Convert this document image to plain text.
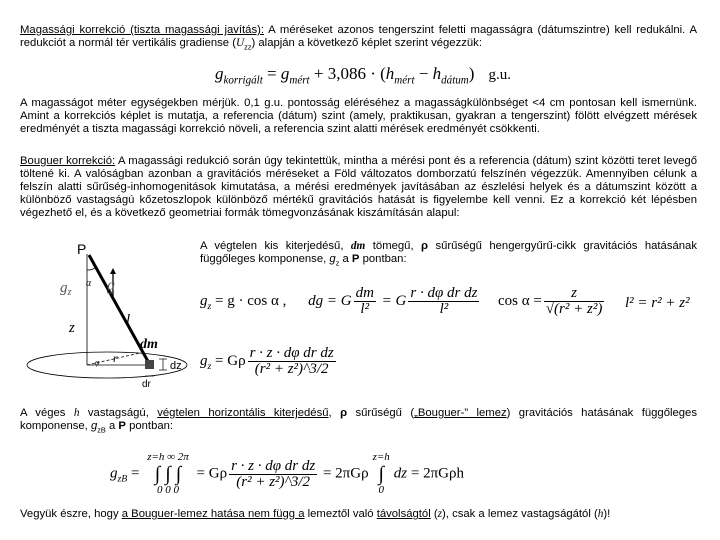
Magassági korrekció (tiszta magassági javítás): A méréseket azonos tengerszint feletti magasságra (dátumszintre) kell redukálni. A redukciót a normál tér vertikális gradiense $(U_{zz})$ alapján a következő képlet szerint végezzük:

$g_{korrigált} = g_{mért} + 3,086 \cdot (h_{mért} - h_{dátum})$ g.u.

A magasságot méter egységekben mérjük. 0,1 g.u. pontosság eléréséhez a magasságkülönbséget <4 cm pontosan kell ismernünk. Amint a korrekciós képlet is mutatja, a referencia (dátum) szint (amely, praktikusan, gyakran a tengerszint) fölött elvégzett mérések eredményét a tiszta magassági korrekció növeli, a referencia szint alatti mérések eredményét csökkenti.

Bouguer korrekció: A magassági redukció során úgy tekintettük, mintha a mérési pont és a referencia (dátum) szint közötti teret levegő töltené ki. A valóságban azonban a gravitációs méréseket a Föld változatos domborzatú felszínén végezzük. Amennyiben célunk a felszín alatti sűrűség-inhomogenitások kimutatása, a mérési eredmények javításában az észlelési helyek és a dátumszint között a különböző vastagságú kőzetoszlopok különböző mértékű gravitációs hatását is figyelembe kell venni. Ez a korrekció két lépésben végezhető el, és a következő geometriai formák tömegvonzásának kiszámításán alapul:

P
$g_z$
α g
l
z
dm
r
φ	dz
dr

A végtelen kis kiterjedésű, dm tömegű, ρ sűrűségű hengergyűrű-cikk gravitációs hatásának függőleges komponense, $g_z$ a P pontban:

$g_z = g \cdot \cos \alpha$ , dg = G $\frac{dm}{\text{l²}} = G \frac{\text{r · dφ dr dz}}{\text{l²}}$ $\cos \alpha = \frac{z}{\text{√(r² + z²)}} l^2 = r^2 + z^2$
$g_z = G\rho \frac{\text{r · z · dφ dr dz}}{\text{(r² + z²)\textasciicircum{}3/2}}$

A véges h vastagságú, végtelen horizontális kiterjedésű, ρ sűrűségű („Bouguer-” lemez) gravitációs hatásának függőleges komponense, $g_{zB}$ a P pontban:

$g_{zB}$ =
z=h ∞ 2π
∫ ∫ ∫
0 0 0
= Gρ $\frac{\text{r · z · dφ dr dz}}{\text{(r² + z²)\textasciicircum{}3/2}} = 2\pi G\rho$
z=h
∫
0
dz = 2πGρh

Vegyük észre, hogy a Bouguer-lemez hatása nem függ a lemeztől való távolságtól (z), csak a lemez vastagságától (h)!
